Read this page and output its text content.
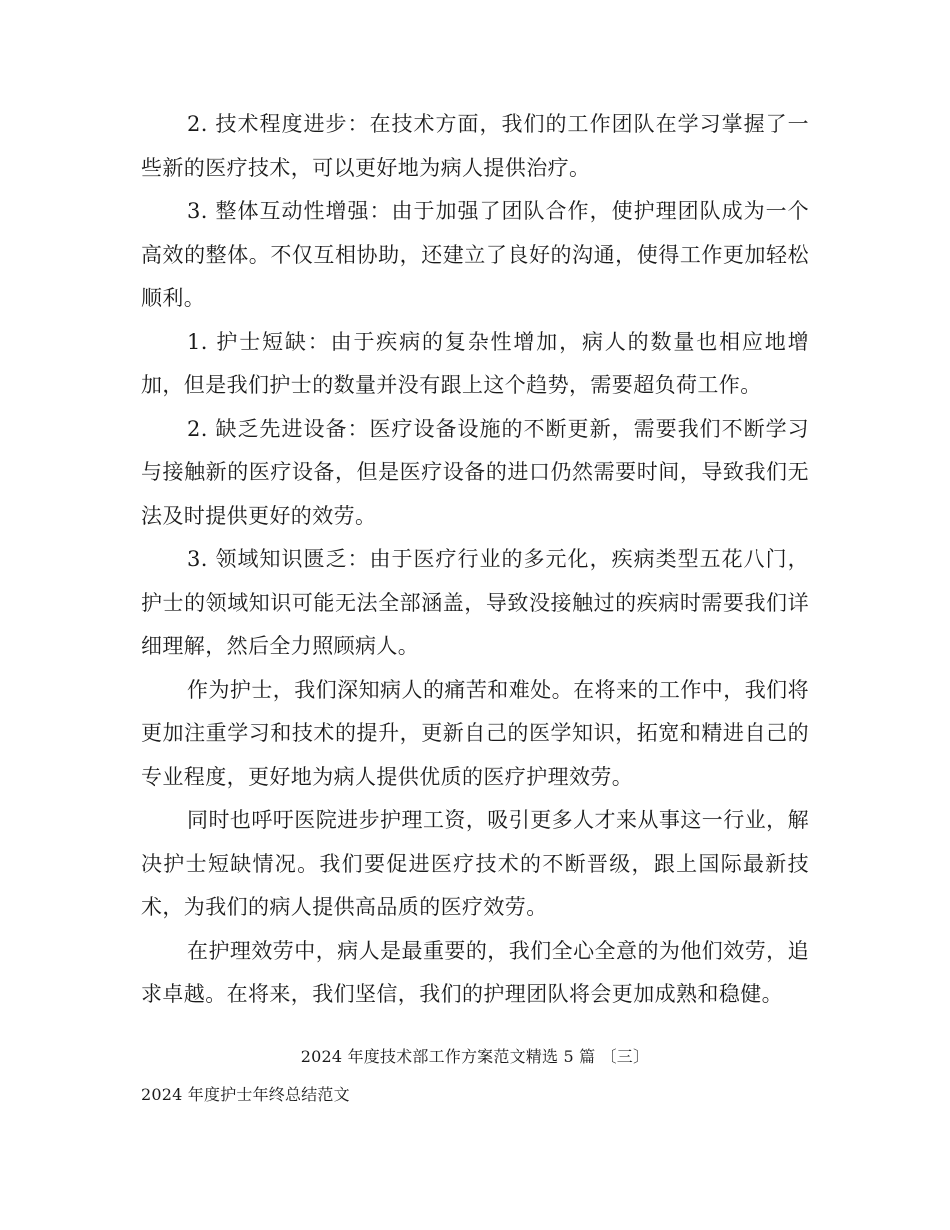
2. 技术程度进步：在技术方面，我们的工作团队在学习掌握了一些新的医疗技术，可以更好地为病人提供治疗。

3. 整体互动性增强：由于加强了团队合作，使护理团队成为一个高效的整体。不仅互相协助，还建立了良好的沟通，使得工作更加轻松顺利。

1. 护士短缺：由于疾病的复杂性增加，病人的数量也相应地增加，但是我们护士的数量并没有跟上这个趋势，需要超负荷工作。

2. 缺乏先进设备：医疗设备设施的不断更新，需要我们不断学习与接触新的医疗设备，但是医疗设备的进口仍然需要时间，导致我们无法及时提供更好的效劳。

3. 领域知识匮乏：由于医疗行业的多元化，疾病类型五花八门，护士的领域知识可能无法全部涵盖，导致没接触过的疾病时需要我们详细理解，然后全力照顾病人。

作为护士，我们深知病人的痛苦和难处。在将来的工作中，我们将更加注重学习和技术的提升，更新自己的医学知识，拓宽和精进自己的专业程度，更好地为病人提供优质的医疗护理效劳。

同时也呼吁医院进步护理工资，吸引更多人才来从事这一行业，解决护士短缺情况。我们要促进医疗技术的不断晋级，跟上国际最新技术，为我们的病人提供高品质的医疗效劳。

在护理效劳中，病人是最重要的，我们全心全意的为他们效劳，追求卓越。在将来，我们坚信，我们的护理团队将会更加成熟和稳健。

2024 年度技术部工作方案范文精选 5 篇 〔三〕
2024 年度护士年终总结范文
